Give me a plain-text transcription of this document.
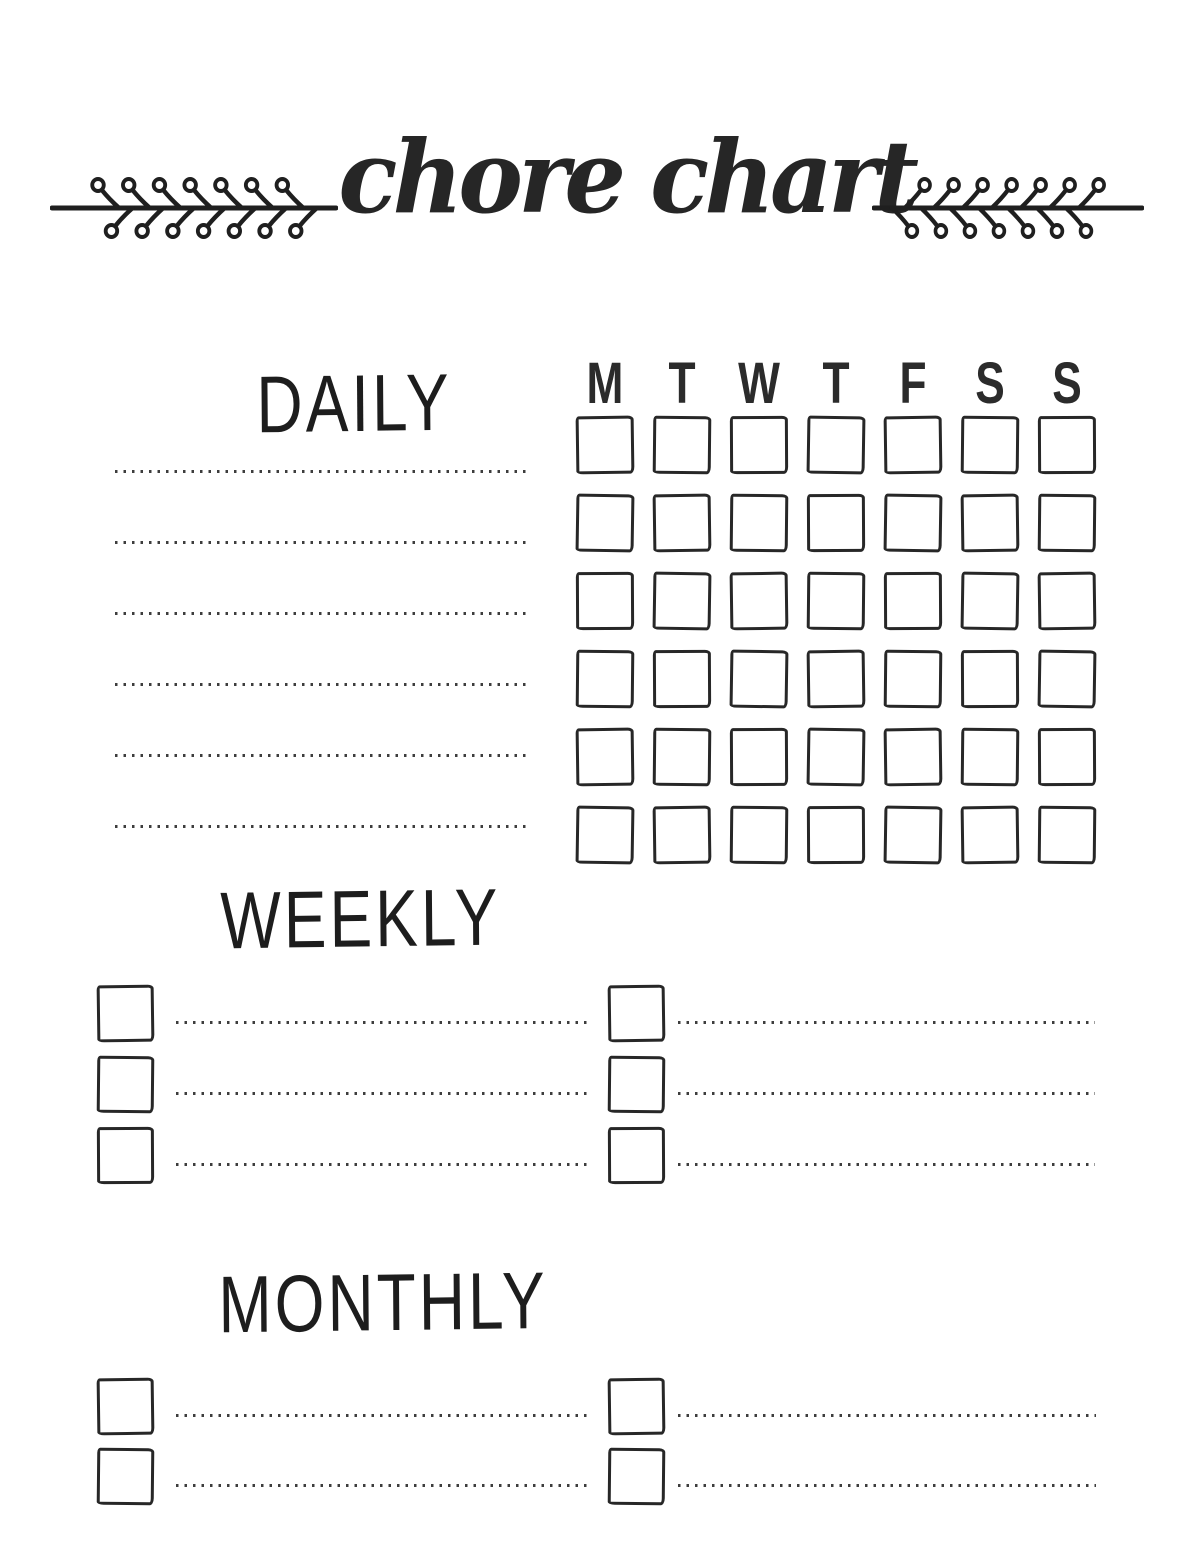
chore chart
DAILY M T W T F S S
WEEKLY
MONTHLY
